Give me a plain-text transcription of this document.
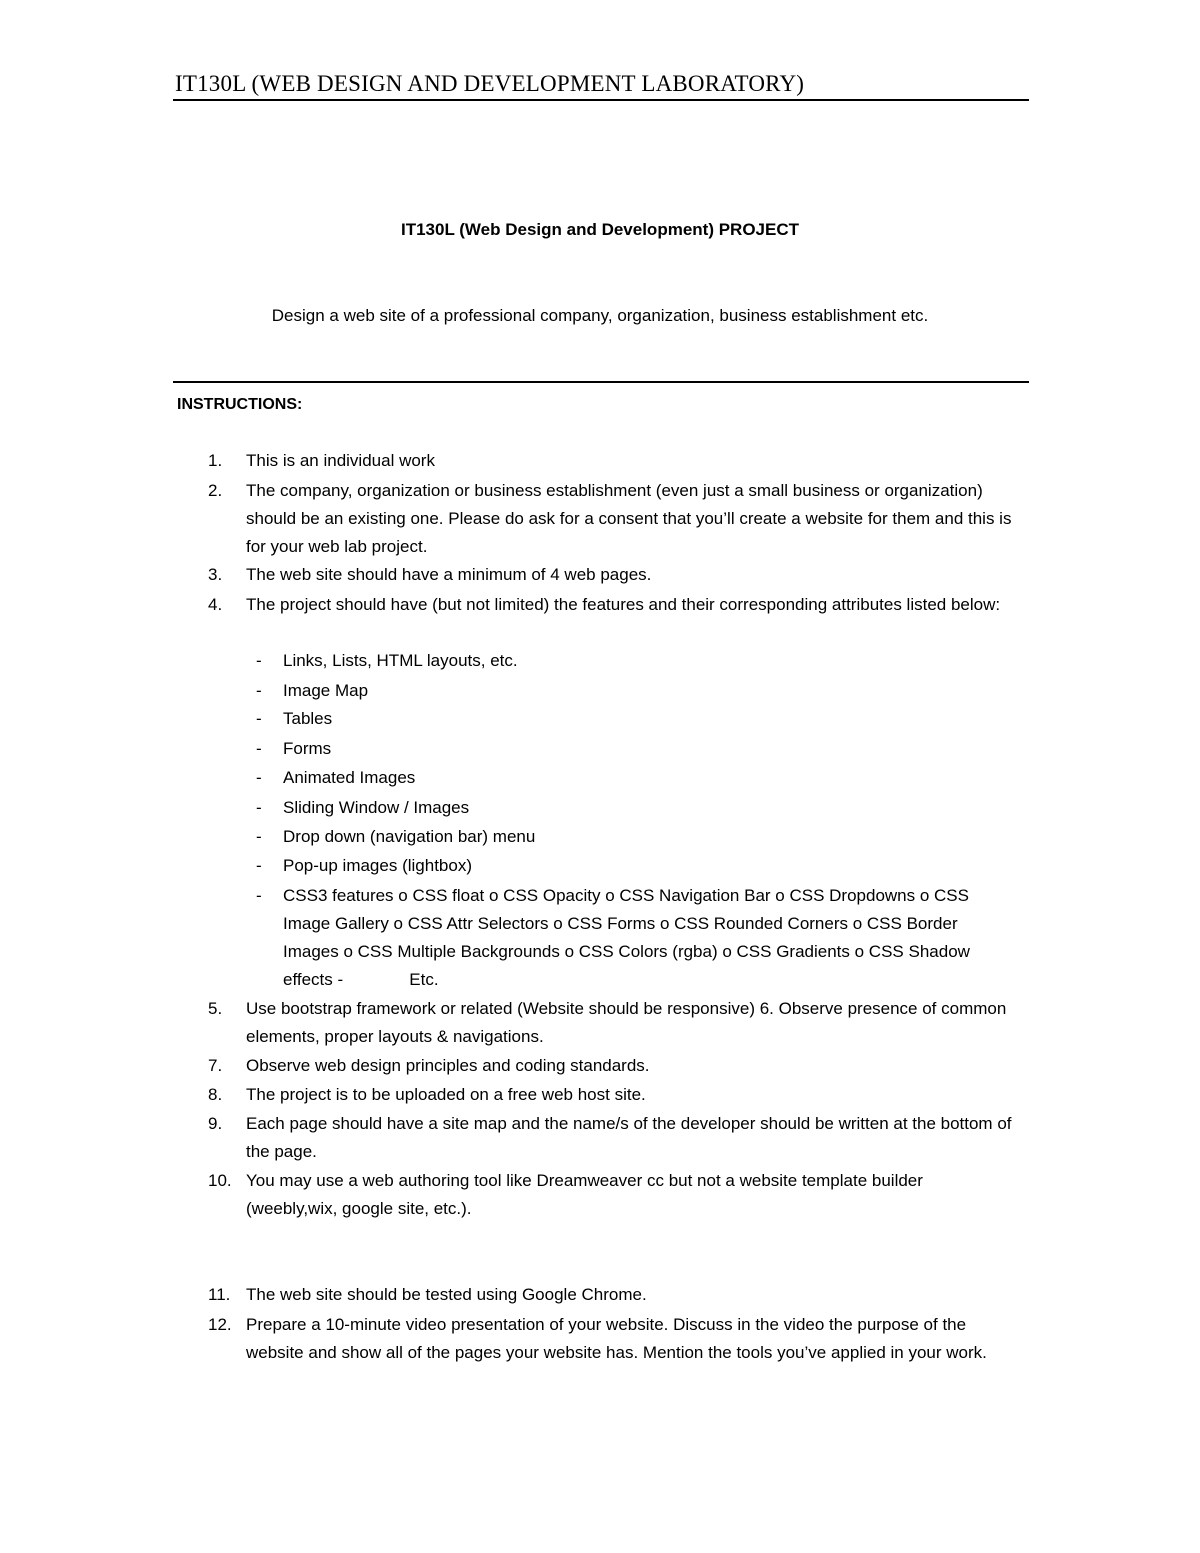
IT130L (WEB DESIGN AND DEVELOPMENT LABORATORY)
IT130L (Web Design and Development) PROJECT
Design a web site of a professional company, organization, business establishment etc.
INSTRUCTIONS:
1.	This is an individual work
2.	The company, organization or business establishment (even just a small business or organization) should be an existing one. Please do ask for a consent that you’ll create a website for them and this is for your web lab project.
3.	The web site should have a minimum of 4 web pages.
4.	The project should have (but not limited) the features and their corresponding attributes listed below:
- Links, Lists, HTML layouts, etc.
- Image Map
- Tables
- Forms
- Animated Images
- Sliding Window / Images
- Drop down (navigation bar) menu
- Pop-up images (lightbox)

-

CSS3 features o CSS float o CSS Opacity o CSS Navigation Bar o CSS Dropdowns o CSS Image Gallery o CSS Attr Selectors o CSS Forms o CSS Rounded Corners o CSS Border Images o CSS Multiple Backgrounds o CSS Colors (rgba) o CSS Gradients o CSS Shadow effects -              Etc.

5.	Use bootstrap framework or related (Website should be responsive) 6. Observe presence of common elements, proper layouts & navigations.
7.	Observe web design principles and coding standards.
8.	The project is to be uploaded on a free web host site.
9.	Each page should have a site map and the name/s of the developer should be written at the bottom of the page.
10. You may use a web authoring tool like Dreamweaver cc but not a website template builder (weebly,wix, google site, etc.).
11. The web site should be tested using Google Chrome.
12. Prepare a 10-minute video presentation of your website. Discuss in the video the purpose of the website and show all of the pages your website has. Mention the tools you’ve applied in your work.
